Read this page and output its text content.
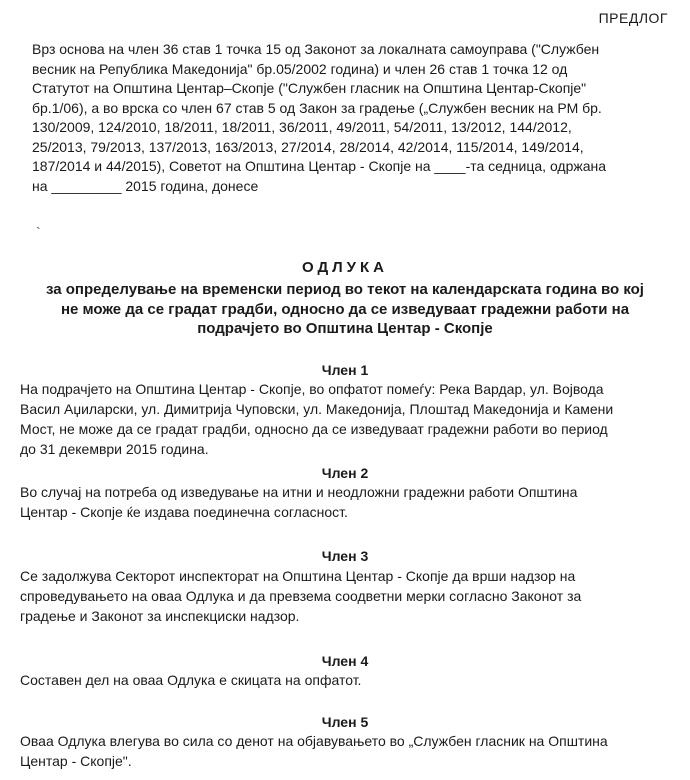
ПРЕДЛОГ
Врз основа на член 36 став 1 точка 15 од Законот за локалната самоуправа ("Службен
весник на Република Македонија" бр.05/2002 година) и член 26 став 1 точка 12 од
Статутот на Општина Центар–Скопје ("Службен гласник на Општина Центар-Скопје"
бр.1/06), а во врска со член 67 став 5 од Закон за градење („Службен весник на РМ бр.
130/2009, 124/2010, 18/2011, 18/2011, 36/2011, 49/2011, 54/2011, 13/2012, 144/2012,
25/2013, 79/2013, 137/2013, 163/2013, 27/2014, 28/2014, 42/2014, 115/2014, 149/2014,
187/2014 и 44/2015), Советот на Општина Центар - Скопје на ____-та седница, одржана
на _________ 2015 година, донесе
`
ОДЛУКА
за определување на временски период во текот на календарската година во кој
не може да се градат градби, односно да се изведуваат градежни работи на
подрачјето во Општина Центар - Скопје
Член 1
На подрачјето на Општина Центар - Скопје, во опфатот помеѓу: Река Вардар, ул. Војвода
Васил Аџиларски, ул. Димитрија Чуповски, ул. Македонија, Плоштад Македонија и Камени
Мост, не може да се градат градби, односно да се изведуваат градежни работи во период
до 31 декември 2015 година.
Член 2
Во случај на потреба од изведување на итни и неодложни градежни работи Општина
Центар - Скопје ќе издава поединечна согласност.
Член 3
Се задолжува Секторот инспекторат на Општина Центар - Скопје да врши надзор на
спроведувањето на оваа Одлука и да превзема соодветни мерки согласно Законот за
градење и Законот за инспекциски надзор.
Член 4
Составен дел на оваа Одлука е скицата на опфатот.
Член 5
Оваа Одлука влегува во сила со денот на објавувањето во „Службен гласник на Општина
Центар - Скопје".
